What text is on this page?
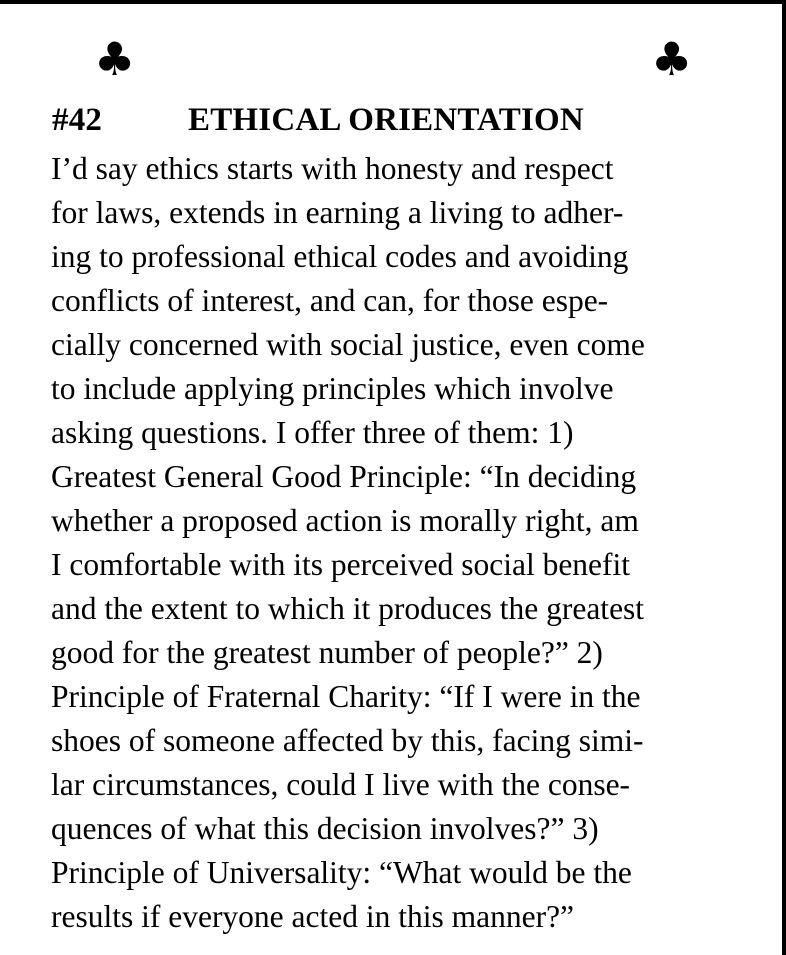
♣	♣
#42	ETHICAL ORIENTATION
I’d say ethics starts with honesty and respect
for laws, extends in earning a living to adher-
ing to professional ethical codes and avoiding
conflicts of interest, and can, for those espe-
cially concerned with social justice, even come
to include applying principles which involve
asking questions. I offer three of them: 1)
Greatest General Good Principle: “In deciding
whether a proposed action is morally right, am
I comfortable with its perceived social benefit
and the extent to which it produces the greatest
good for the greatest number of people?” 2)
Principle of Fraternal Charity: “If I were in the
shoes of someone affected by this, facing simi-
lar circumstances, could I live with the conse-
quences of what this decision involves?” 3)
Principle of Universality: “What would be the
results if everyone acted in this manner?”
